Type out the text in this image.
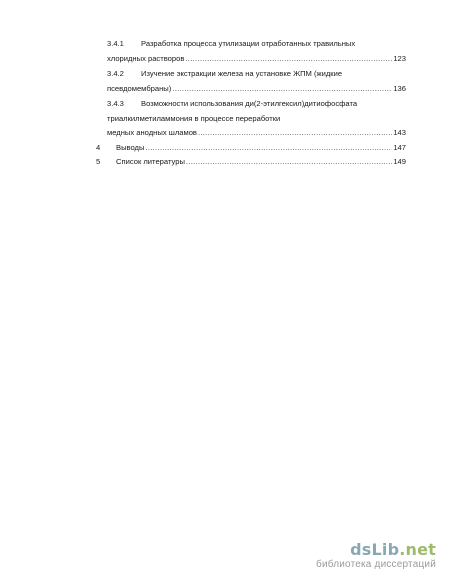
3.4.1 Разработка процесса утилизации отработанных травильных
хлоридных растворов .....	123
3.4.2 Изучение экстракции железа на установке ЖПМ (жидкие
псевдомембраны) .....	136
3.4.3 Возможности использования ди(2-этилгексил)дитиофосфата
триалкилметиламмония в процессе переработки
медных анодных шламов .....	143
4 Выводы .....	147
5 Список литературы .....	149
dsLib.net
библиотека диссертаций
